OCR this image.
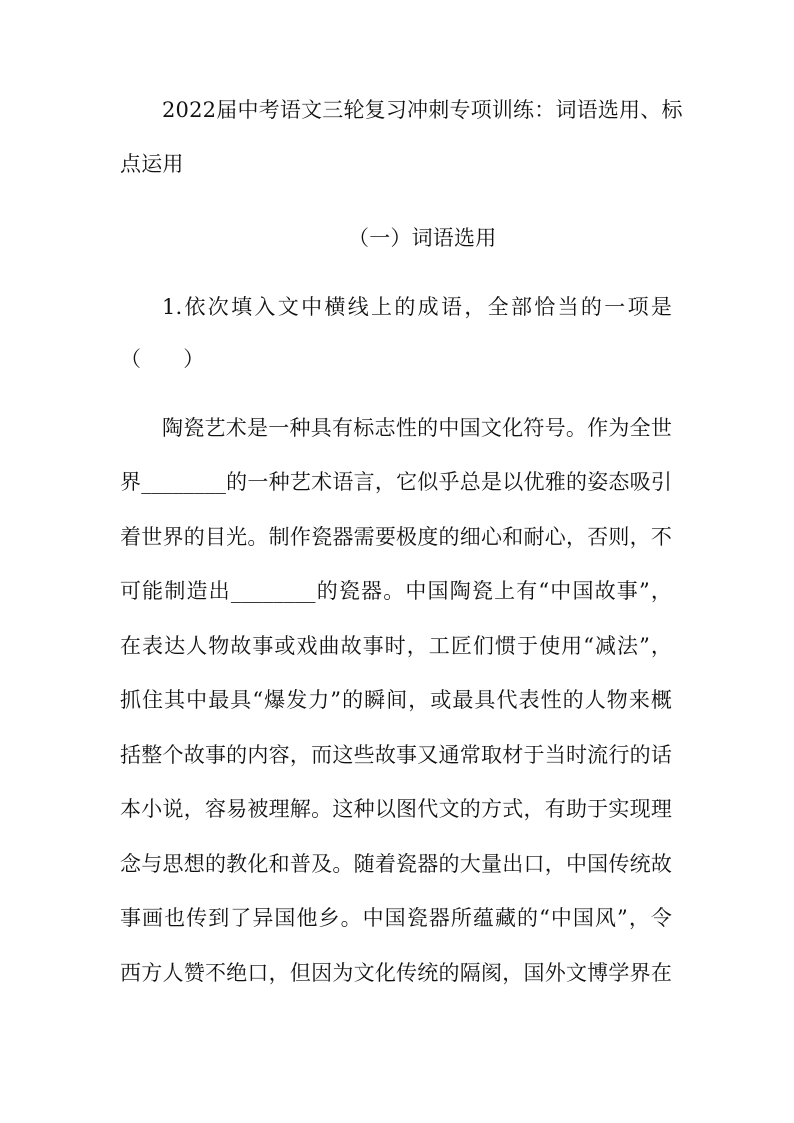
2022届中考语文三轮复习冲刺专项训练：词语选用、标
点运用
（一）词语选用
1.依次填入文中横线上的成语，全部恰当的一项是
（　　）
陶瓷艺术是一种具有标志性的中国文化符号。作为全世
界________的一种艺术语言，它似乎总是以优雅的姿态吸引
着世界的目光。制作瓷器需要极度的细心和耐心，否则，不
可能制造出________的瓷器。中国陶瓷上有“中国故事”，
在表达人物故事或戏曲故事时，工匠们惯于使用“减法”，
抓住其中最具“爆发力”的瞬间，或最具代表性的人物来概
括整个故事的内容，而这些故事又通常取材于当时流行的话
本小说，容易被理解。这种以图代文的方式，有助于实现理
念与思想的教化和普及。随着瓷器的大量出口，中国传统故
事画也传到了异国他乡。中国瓷器所蕴藏的“中国风”，令
西方人赞不绝口，但因为文化传统的隔阂，国外文博学界在
